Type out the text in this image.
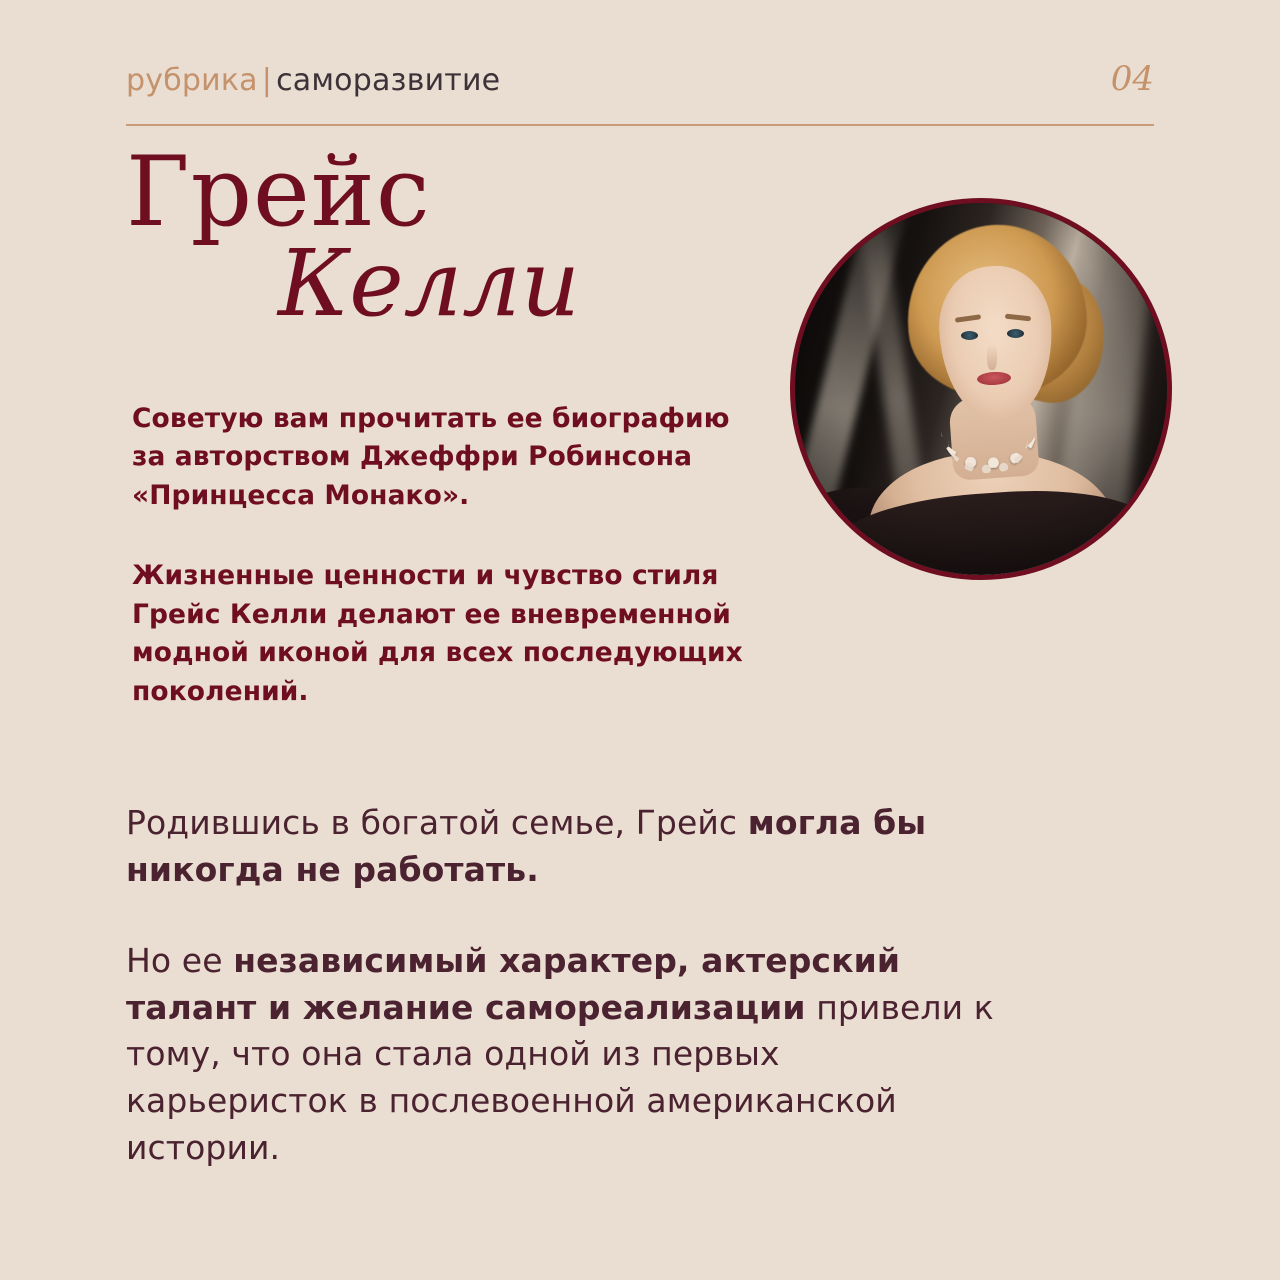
рубрика | саморазвитие	04
Грейс
Келли

Советую вам прочитать ее биографию за авторством Джеффри Робинсона «Принцесса Монако».

Жизненные ценности и чувство стиля Грейс Келли делают ее вневременной модной иконой для всех последующих поколений.

Родившись в богатой семье, Грейс могла бы никогда не работать.

Но ее независимый характер, актерский талант и желание самореализации привели к тому, что она стала одной из первых карьеристок в послевоенной американской истории.
